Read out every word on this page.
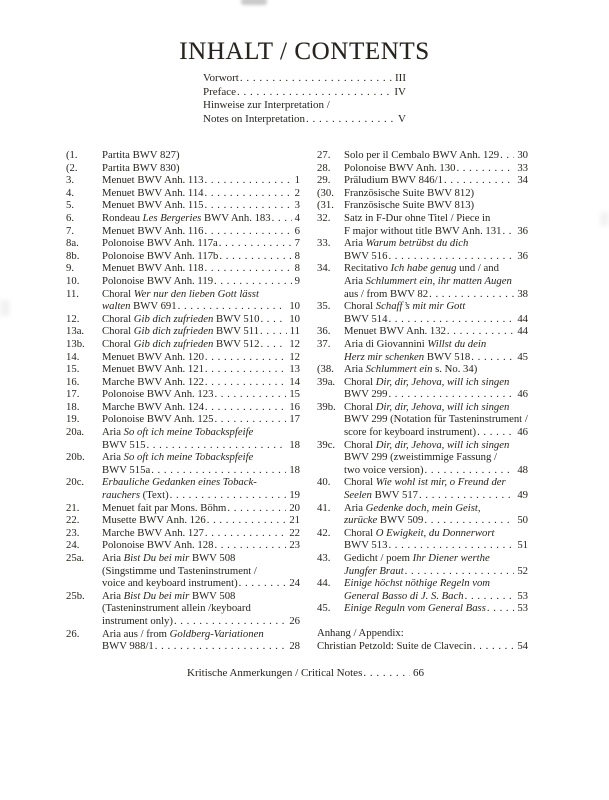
INHALT / CONTENTS
Vorwort . . .	III
Preface . . .	IV
Hinweise zur Interpretation /
Notes on Interpretation . . .	V
(1.	Partita BWV 827)
(2.	Partita BWV 830)
3.	Menuet BWV Anh. 113 . . .	1
4.	Menuet BWV Anh. 114 . . .	2
5.	Menuet BWV Anh. 115 . . .	3
6.	Rondeau Les Bergeries BWV Anh. 183 . . . 4
7.	Menuet BWV Anh. 116 . . .	6
8a.	Polonoise BWV Anh. 117a . . .	7
8b.	Polonoise BWV Anh. 117b . . .	8
9.	Menuet BWV Anh. 118 . . .	8
10.	Polonoise BWV Anh. 119 . . .	9
11.	Choral Wer nur den lieben Gott lässt
walten BWV 691 . . .	10
12.	Choral Gib dich zufrieden BWV 510 . . .	10
13a.	Choral Gib dich zufrieden BWV 511 . . .	11
13b.	Choral Gib dich zufrieden BWV 512 . . .	12
14.	Menuet BWV Anh. 120 . . .	12
15.	Menuet BWV Anh. 121 . . .	13
16.	Marche BWV Anh. 122 . . .	14
17.	Polonoise BWV Anh. 123 . . .	15
18.	Marche BWV Anh. 124 . . .	16
19.	Polonoise BWV Anh. 125 . . .	17
20a.	Aria So oft ich meine Tobackspfeife
BWV 515 . . .	18
20b.	Aria So oft ich meine Tobackspfeife
BWV 515a . . .	18
20c.	Erbauliche Gedanken eines Toback-
rauchers (Text) . . .	19
21.	Menuet fait par Mons. Böhm . . .	20
22.	Musette BWV Anh. 126 . . .	21
23.	Marche BWV Anh. 127 . . .	22
24.	Polonoise BWV Anh. 128 . . .	23
25a.	Aria Bist Du bei mir BWV 508
(Singstimme und Tasteninstrument /
voice and keyboard instrument) . . .	24
25b.	Aria Bist Du bei mir BWV 508
(Tasteninstrument allein /keyboard
instrument only) . . .	26
26.	Aria aus / from Goldberg-Variationen
BWV 988/1 . . .	28
27.	Solo per il Cembalo BWV Anh. 129 . . . 30
28.	Polonoise BWV Anh. 130 . . .	33
29.	Präludium BWV 846/1 . . .	34
(30. Französische Suite BWV 812)
(31. Französische Suite BWV 813)
32.	Satz in F-Dur ohne Titel / Piece in
F major without title BWV Anh. 131 . . . 36
33.	Aria Warum betrübst du dich
BWV 516 . . .	36
34.	Recitativo Ich habe genug und / and
Aria Schlummert ein, ihr matten Augen
aus / from BWV 82 . . .	38
35.	Choral Schaff’s mit mir Gott
BWV 514 . . .	44
36.	Menuet BWV Anh. 132 . . .	44
37.	Aria di Giovannini Willst du dein
Herz mir schenken BWV 518 . . .	45
(38. Aria Schlummert ein s. No. 34)
39a. Choral Dir, dir, Jehova, will ich singen
BWV 299 . . .	46
39b. Choral Dir, dir, Jehova, will ich singen
BWV 299 (Notation für Tasteninstrument /
score for keyboard instrument) . . .	46
39c. Choral Dir, dir, Jehova, will ich singen
BWV 299 (zweistimmige Fassung /
two voice version) . . .	48
40.	Choral Wie wohl ist mir, o Freund der
Seelen BWV 517 . . .	49
41.	Aria Gedenke doch, mein Geist,
zurücke BWV 509 . . .	50
42.	Choral O Ewigkeit, du Donnerwort
BWV 513 . . .	51
43.	Gedicht / poem Ihr Diener werthe
Jungfer Braut . . .	52
44.	Einige höchst nöthige Regeln vom
General Basso di J. S. Bach . . .	53
45.	Einige Reguln vom General Bass . . .	53
Anhang / Appendix:
Christian Petzold: Suite de Clavecin . . .	54
Kritische Anmerkungen / Critical Notes . . .	66
